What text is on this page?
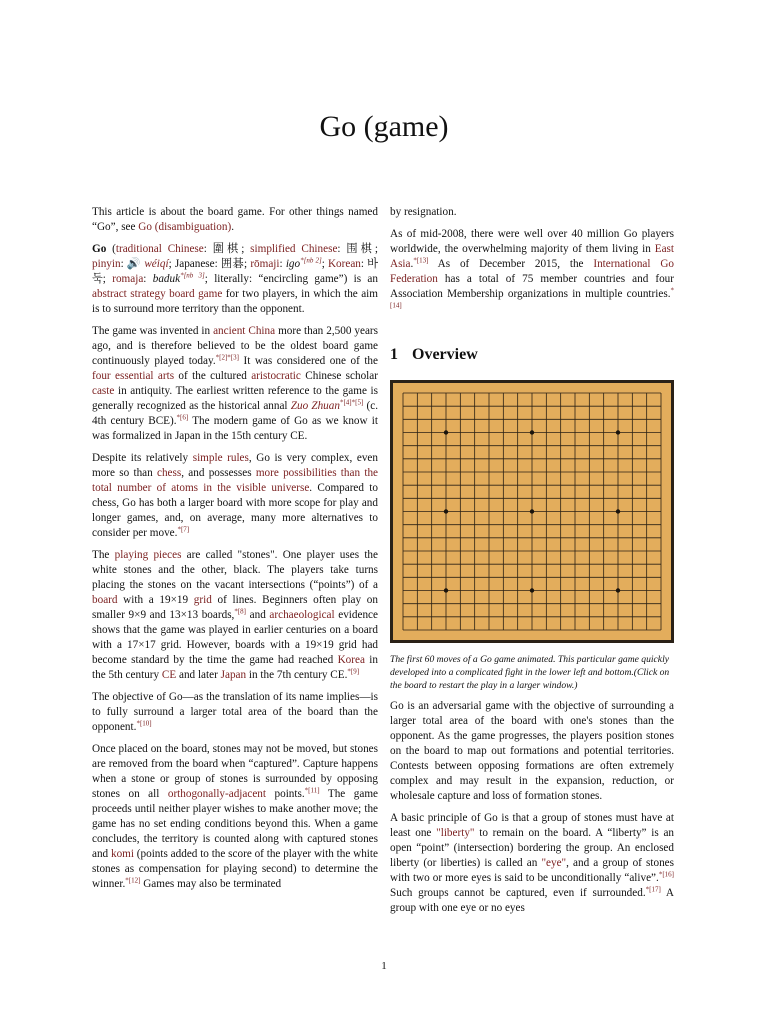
Go (game)

This article is about the board game. For other things named “Go”, see Go (disambiguation).

Go (traditional Chinese: 圍棋; simplified Chinese: 围棋; pinyin: 🔊 wéiqí; Japanese: 囲碁; rōmaji: igo$^{*[nb 2]}$; Korean: 바둑; romaja: baduk$^{*[nb 3]}$; literally: “encircling game”) is an abstract strategy board game for two players, in which the aim is to surround more territory than the opponent.

The game was invented in ancient China more than 2,500 years ago, and is therefore believed to be the oldest board game continuously played today.$^{*[2]*[3]}$ It was considered one of the four essential arts of the cultured aristocratic Chinese scholar caste in antiquity. The earliest written reference to the game is generally recognized as the historical annal Zuo Zhuan$^{*[4]*[5]}$ (c. 4th century BCE).$^{*[6]}$ The modern game of Go as we know it was formalized in Japan in the 15th century CE.

Despite its relatively simple rules, Go is very complex, even more so than chess, and possesses more possibilities than the total number of atoms in the visible universe. Compared to chess, Go has both a larger board with more scope for play and longer games, and, on average, many more alternatives to consider per move.$^{*[7]}$

The playing pieces are called "stones". One player uses the white stones and the other, black. The players take turns placing the stones on the vacant intersections (“points”) of a board with a 19×19 grid of lines. Beginners often play on smaller 9×9 and 13×13 boards,$^{*[8]}$ and archaeological evidence shows that the game was played in earlier centuries on a board with a 17×17 grid. However, boards with a 19×19 grid had become standard by the time the game had reached Korea in the 5th century CE and later Japan in the 7th century CE.$^{*[9]}$

The objective of Go—as the translation of its name implies—is to fully surround a larger total area of the board than the opponent.$^{*[10]}$

Once placed on the board, stones may not be moved, but stones are removed from the board when “captured”. Capture happens when a stone or group of stones is surrounded by opposing stones on all orthogonally-adjacent points.$^{*[11]}$ The game proceeds until neither player wishes to make another move; the game has no set ending conditions beyond this. When a game concludes, the territory is counted along with captured stones and komi (points added to the score of the player with the white stones as compensation for playing second) to determine the winner.$^{*[12]}$ Games may also be terminated

by resignation.

As of mid-2008, there were well over 40 million Go players worldwide, the overwhelming majority of them living in East Asia.$^{*[13]}$ As of December 2015, the International Go Federation has a total of 75 member countries and four Association Membership organizations in multiple countries.$^{*[14]}$

1 Overview

The first 60 moves of a Go game animated. This particular game quickly developed into a complicated fight in the lower left and bottom.(Click on the board to restart the play in a larger window.)

Go is an adversarial game with the objective of surrounding a larger total area of the board with one's stones than the opponent. As the game progresses, the players position stones on the board to map out formations and potential territories. Contests between opposing formations are often extremely complex and may result in the expansion, reduction, or wholesale capture and loss of formation stones.

A basic principle of Go is that a group of stones must have at least one "liberty" to remain on the board. A “liberty” is an open “point” (intersection) bordering the group. An enclosed liberty (or liberties) is called an "eye", and a group of stones with two or more eyes is said to be unconditionally “alive”.$^{*[16]}$ Such groups cannot be captured, even if surrounded.$^{*[17]}$ A group with one eye or no eyes

1
